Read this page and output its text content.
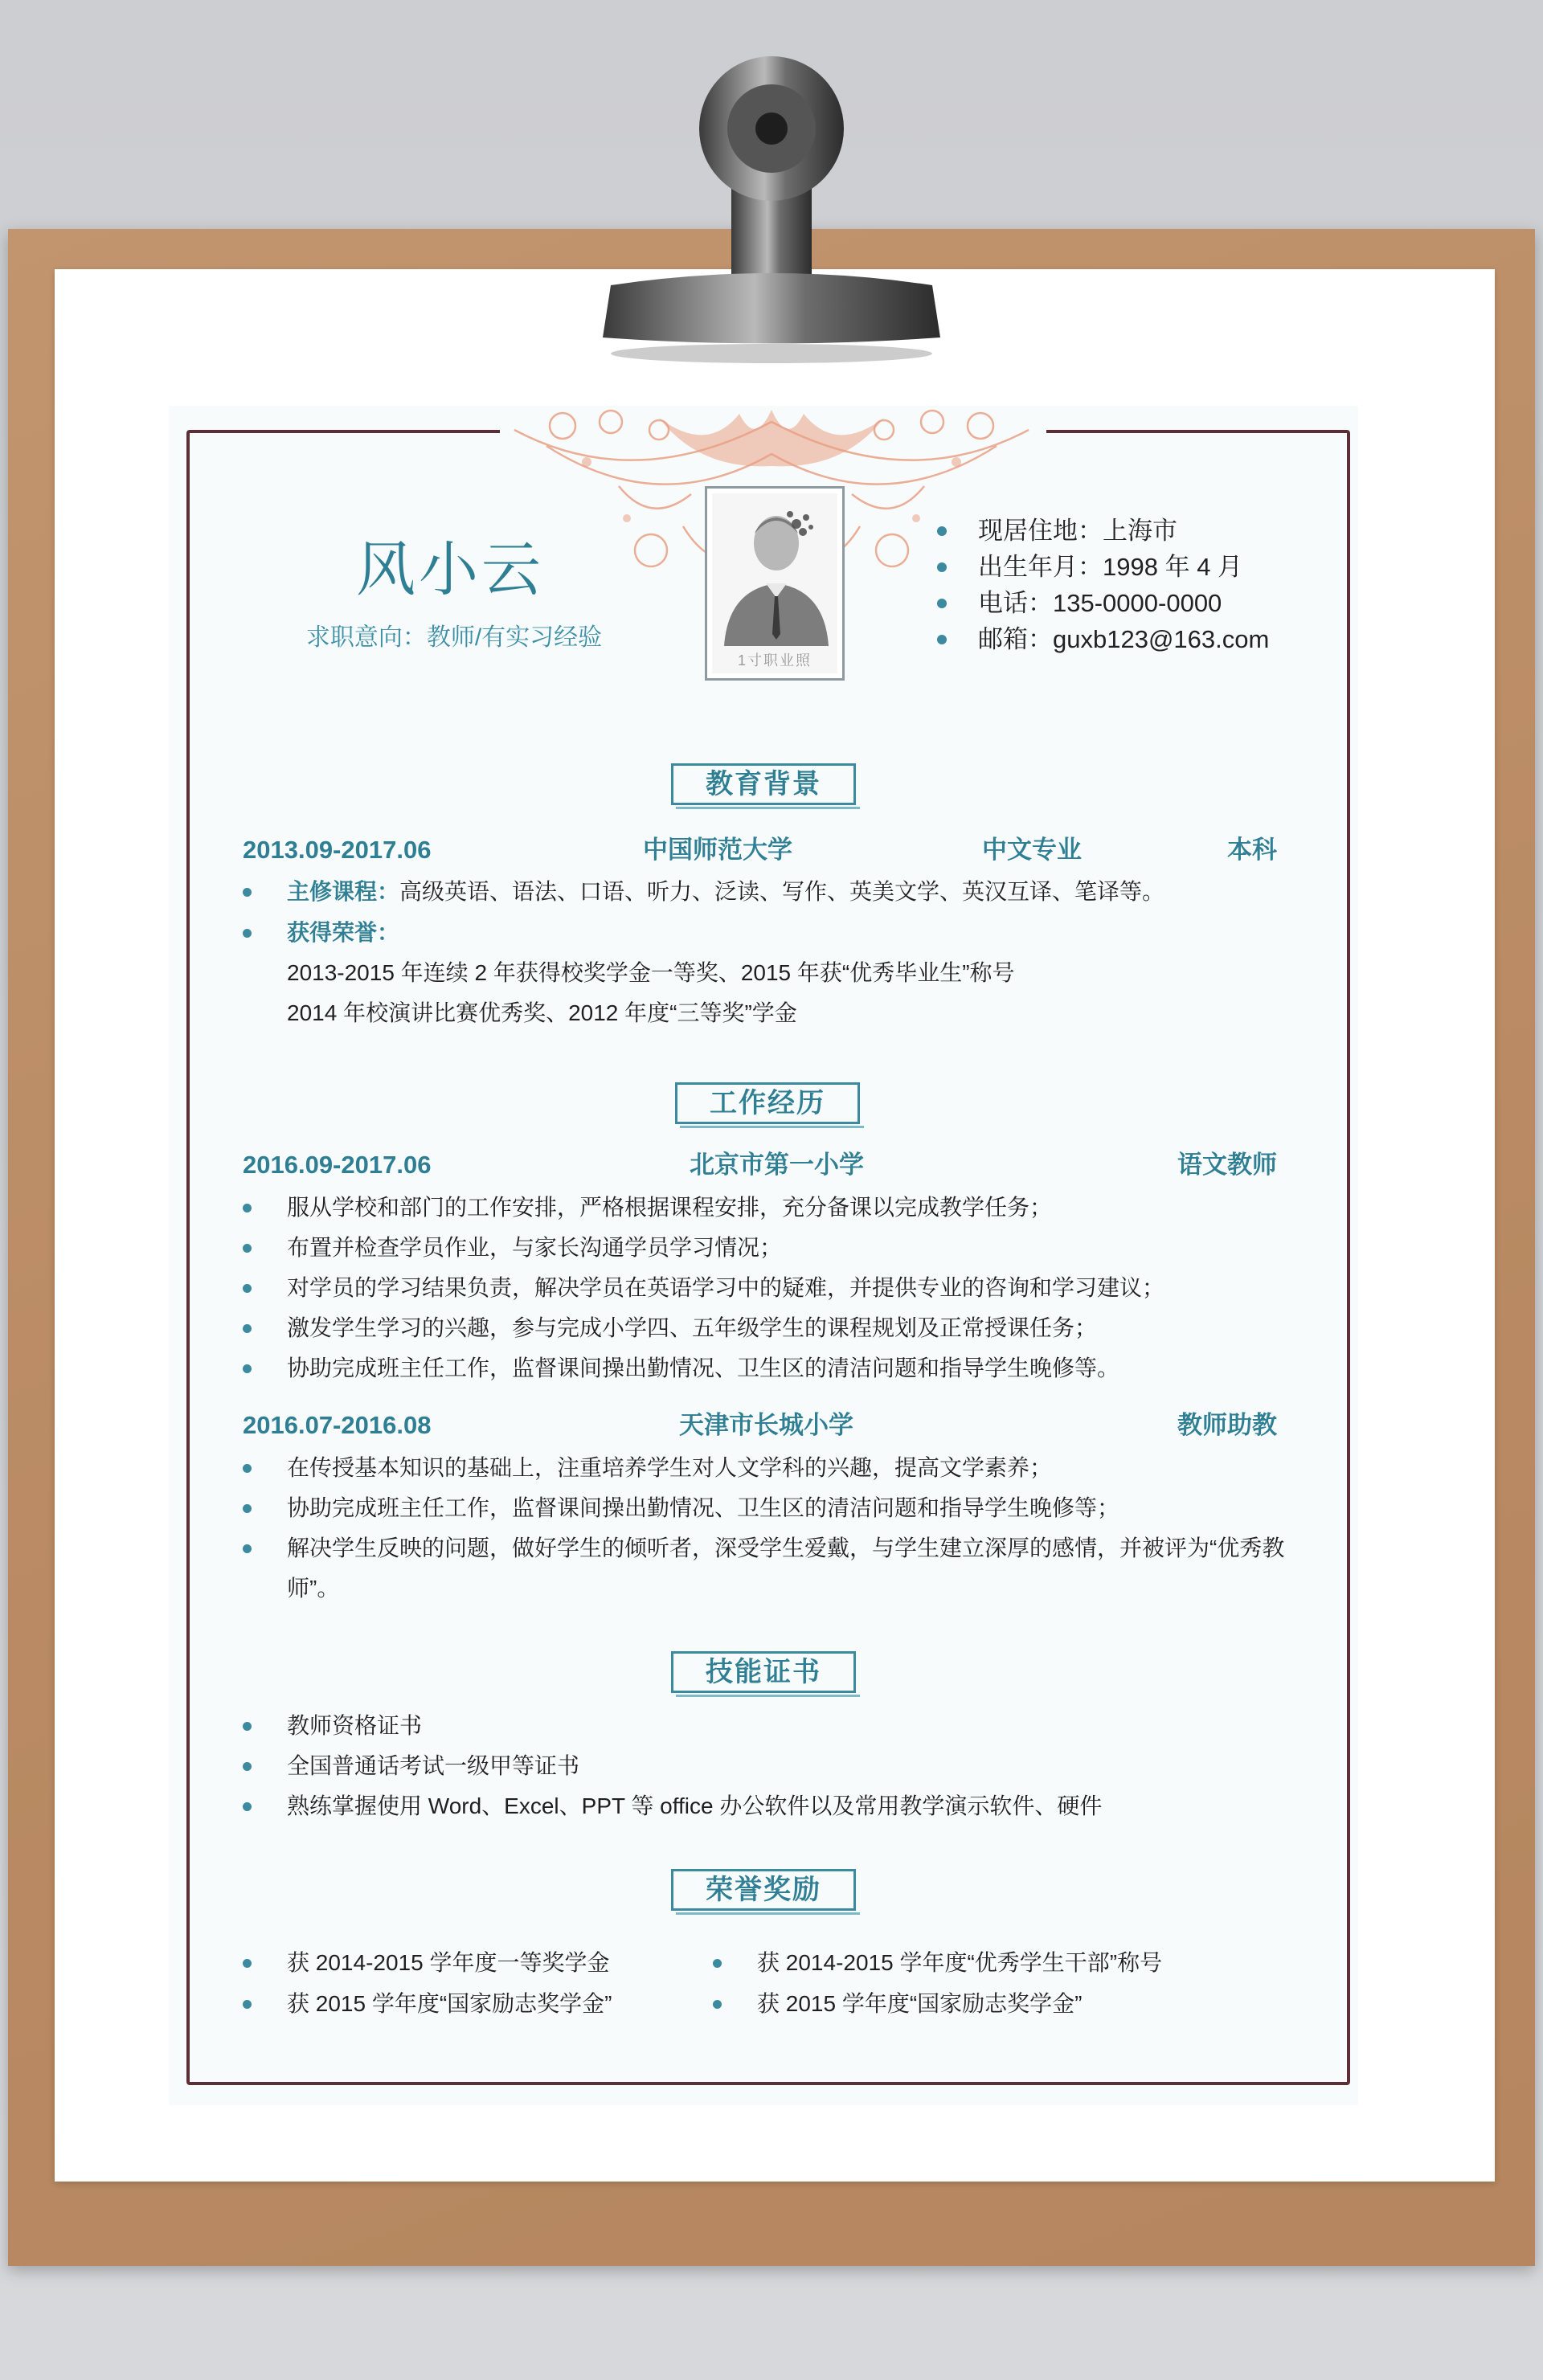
风小云
求职意向：教师/有实习经验
1寸职业照
现居住地：上海市
出生年月：1998 年 4 月
电话：135-0000-0000
邮箱：guxb123@163.com
教育背景
2013.09-2017.06	中国师范大学	中文专业	本科
主修课程：高级英语、语法、口语、听力、泛读、写作、英美文学、英汉互译、笔译等。
获得荣誉：
2013-2015 年连续 2 年获得校奖学金一等奖、2015 年获“优秀毕业生”称号
2014 年校演讲比赛优秀奖、2012 年度“三等奖”学金
工作经历
2016.09-2017.06	北京市第一小学	语文教师
服从学校和部门的工作安排，严格根据课程安排，充分备课以完成教学任务；
布置并检查学员作业，与家长沟通学员学习情况；
对学员的学习结果负责，解决学员在英语学习中的疑难，并提供专业的咨询和学习建议；
激发学生学习的兴趣，参与完成小学四、五年级学生的课程规划及正常授课任务；
协助完成班主任工作，监督课间操出勤情况、卫生区的清洁问题和指导学生晚修等。
2016.07-2016.08	天津市长城小学	教师助教
在传授基本知识的基础上，注重培养学生对人文学科的兴趣，提高文学素养；
协助完成班主任工作，监督课间操出勤情况、卫生区的清洁问题和指导学生晚修等；
解决学生反映的问题，做好学生的倾听者，深受学生爱戴，与学生建立深厚的感情，并被评为“优秀教
师”。
技能证书
教师资格证书
全国普通话考试一级甲等证书
熟练掌握使用 Word、Excel、PPT 等 office 办公软件以及常用教学演示软件、硬件
荣誉奖励
获 2014-2015 学年度一等奖学金	获 2014-2015 学年度“优秀学生干部”称号
获 2015 学年度“国家励志奖学金”	获 2015 学年度“国家励志奖学金”
